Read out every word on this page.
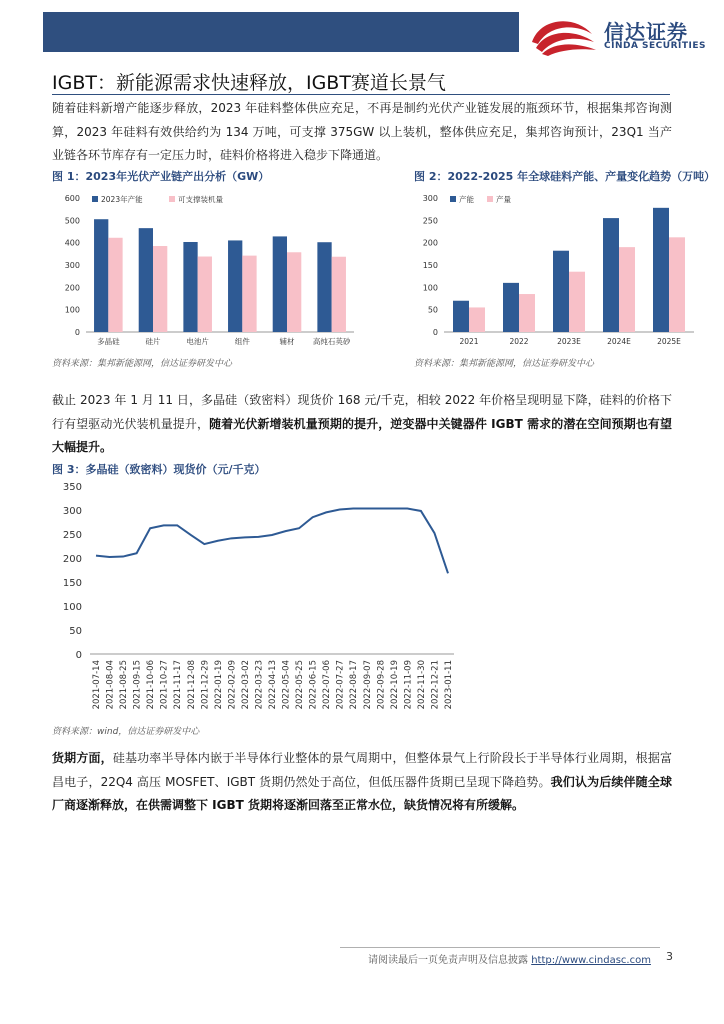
信达证券
CINDA SECURITIES
IGBT：新能源需求快速释放，IGBT赛道长景气
随着硅料新增产能逐步释放，2023 年硅料整体供应充足，不再是制约光伏产业链发展的瓶颈环节，根据集邦咨询测算，2023 年硅料有效供给约为 134 万吨，可支撑 375GW 以上装机，整体供应充足，集邦咨询预计，23Q1 当产业链各环节库存有一定压力时，硅料价格将进入稳步下降通道。
图 1：2023年光伏产业链产出分析（GW）
0
100
200
300
400
500
600
多晶硅	硅片	电池片	组件	辅材 高纯石英砂
2023年产能	可支撑装机量
资料来源：集邦新能源网，信达证券研发中心
图 2：2022-2025 年全球硅料产能、产量变化趋势（万吨）
0
50
100
150
200
250
300
2021	2022	2023E	2024E	2025E
产能	产量
资料来源：集邦新能源网，信达证券研发中心
截止 2023 年 1 月 11 日，多晶硅（致密料）现货价 168 元/千克，相较 2022 年价格呈现明显下降，硅料的价格下行有望驱动光伏装机量提升，随着光伏新增装机量预期的提升，逆变器中关键器件 IGBT 需求的潜在空间预期也有望大幅提升。
图 3：多晶硅（致密料）现货价（元/千克）
0
50
100
150
200
250
300
350
2021-07-14 2021-08-04 2021-08-25 2021-09-15 2021-10-06 2021-10-27 2021-11-17 2021-12-08 2021-12-29 2022-01-19 2022-02-09 2022-03-02 2022-03-23 2022-04-13 2022-05-04 2022-05-25 2022-06-15 2022-07-06 2022-07-27 2022-08-17 2022-09-07 2022-09-28 2022-10-19 2022-11-09 2022-11-30 2022-12-21 2023-01-11
资料来源：wind，信达证券研发中心
货期方面，硅基功率半导体内嵌于半导体行业整体的景气周期中，但整体景气上行阶段长于半导体行业周期，根据富昌电子，22Q4 高压 MOSFET、IGBT 货期仍然处于高位，但低压器件货期已呈现下降趋势。我们认为后续伴随全球厂商逐渐释放，在供需调整下 IGBT 货期将逐渐回落至正常水位，缺货情况将有所缓解。
请阅读最后一页免责声明及信息披露 http://www.cindasc.com 3
